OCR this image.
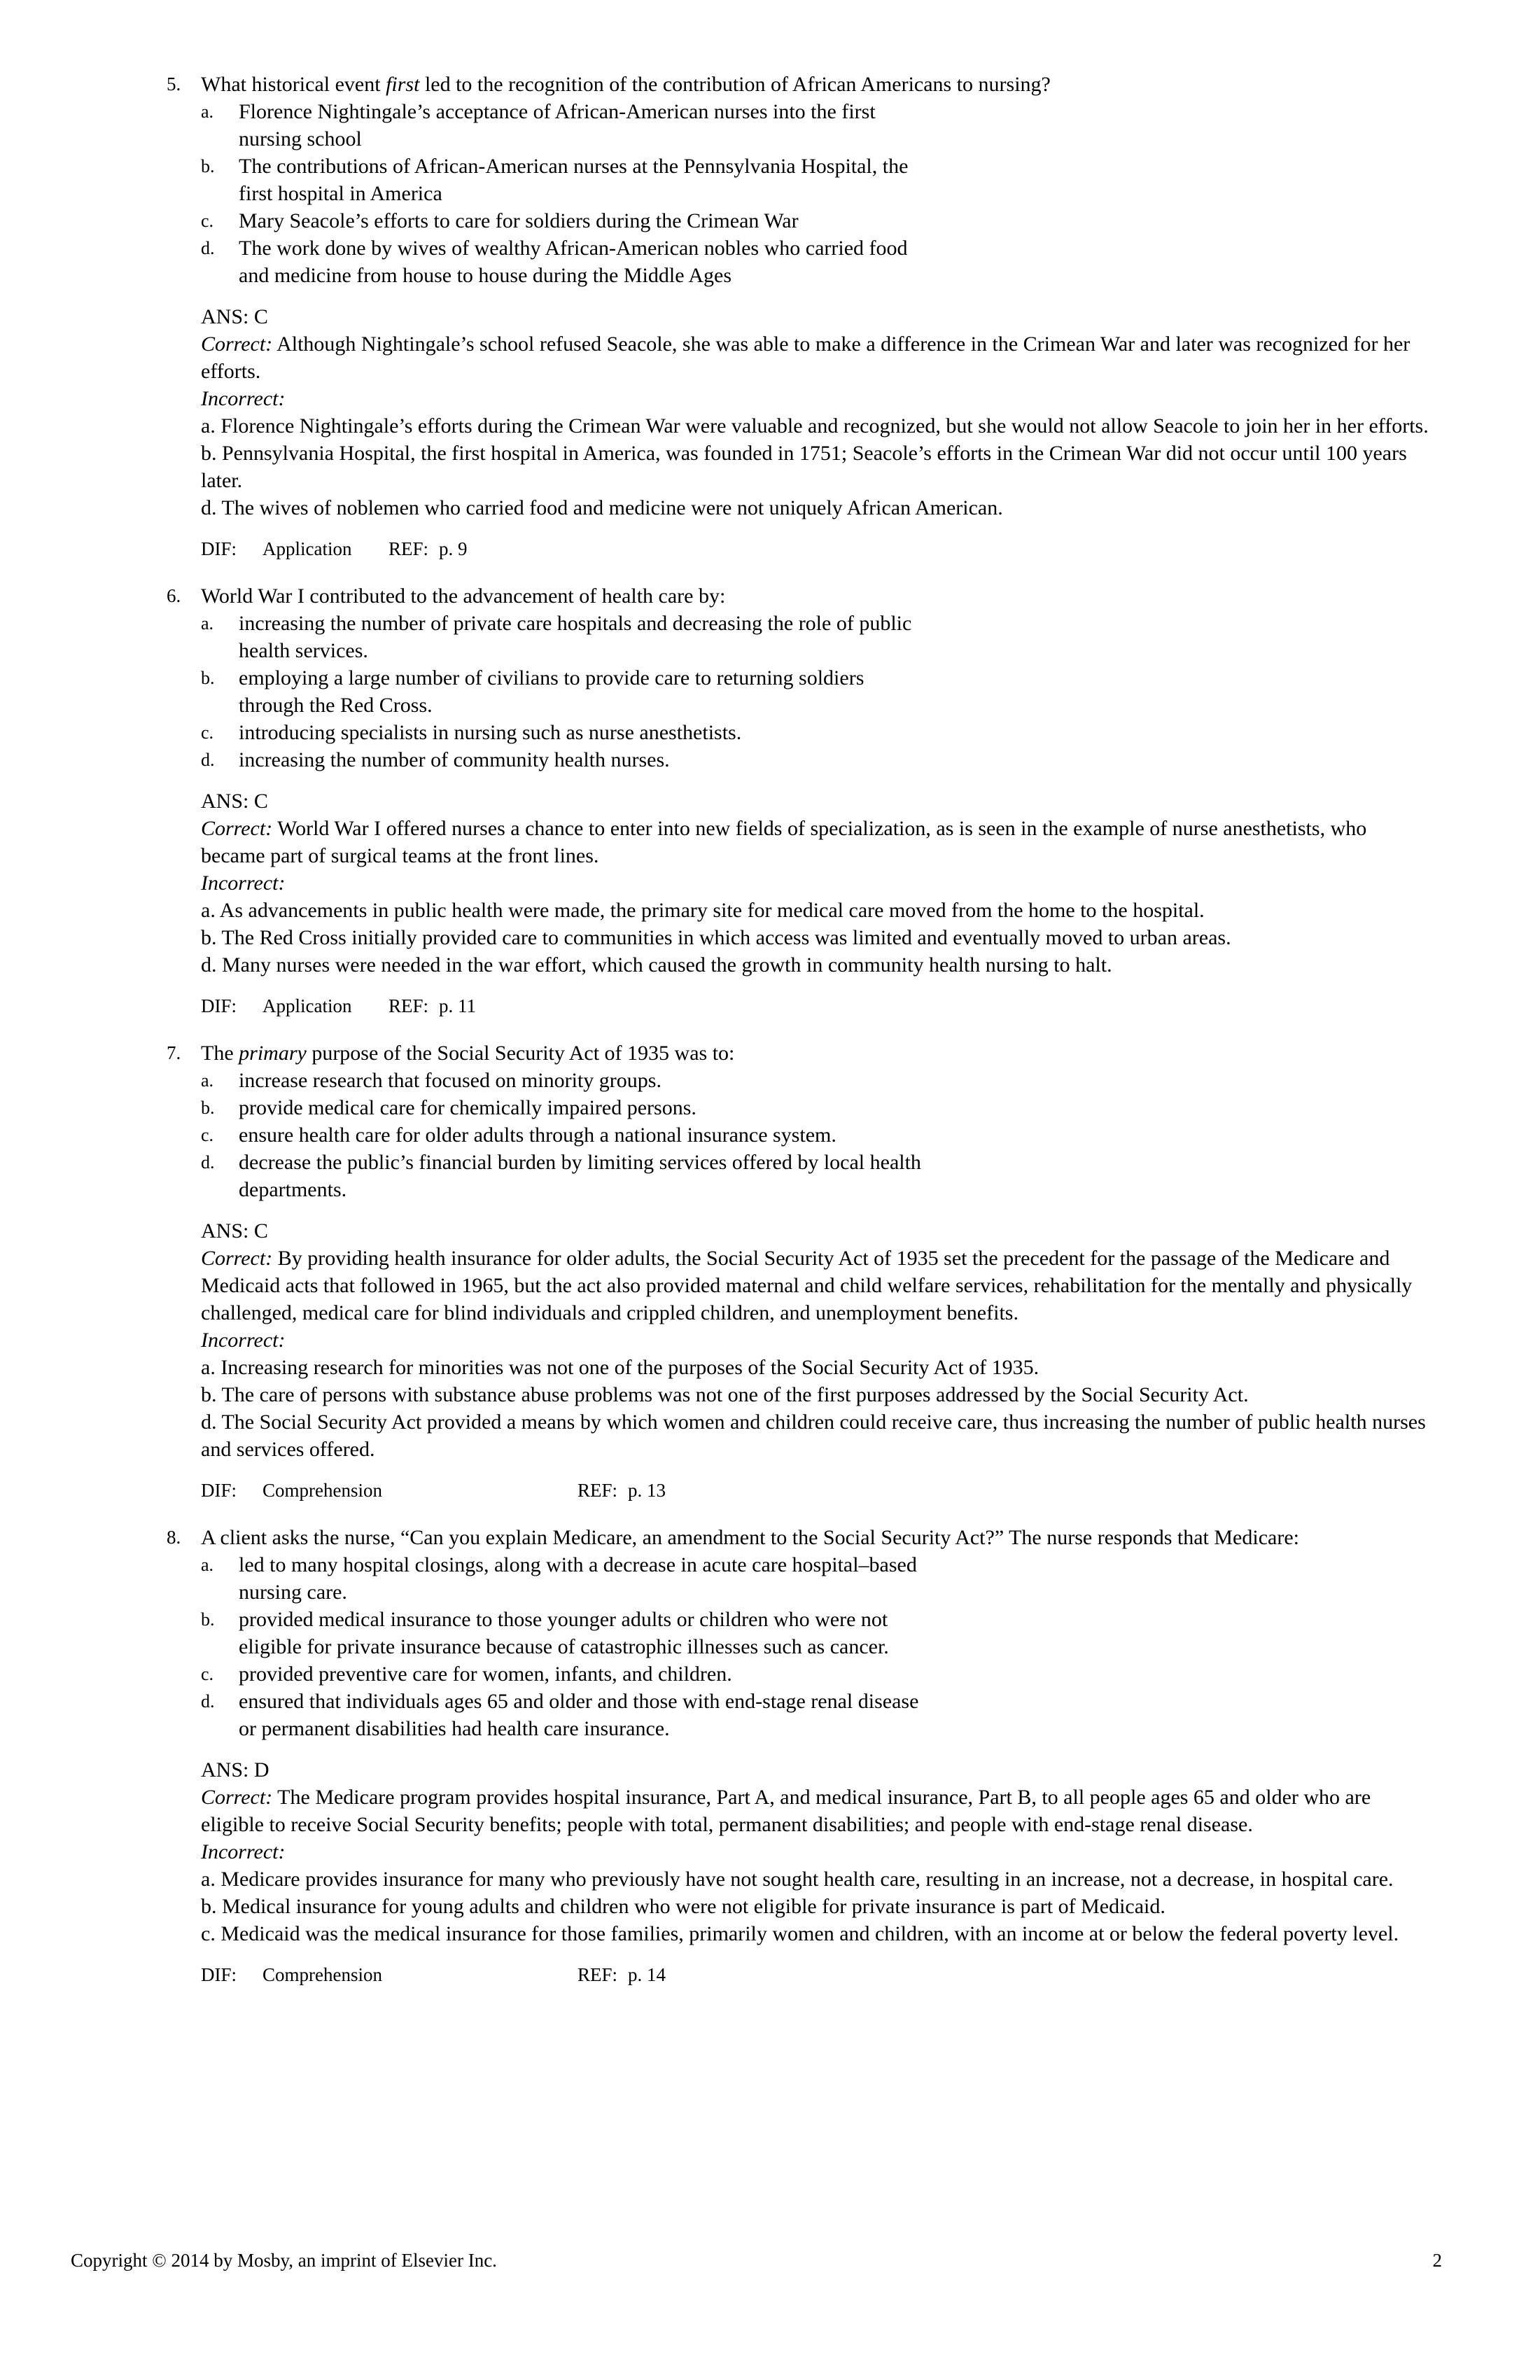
5. What historical event first led to the recognition of the contribution of African Americans to nursing?
a. Florence Nightingale’s acceptance of African-American nurses into the first
nursing school
b. The contributions of African-American nurses at the Pennsylvania Hospital, the
first hospital in America
c. Mary Seacole’s efforts to care for soldiers during the Crimean War
d. The work done by wives of wealthy African-American nobles who carried food
and medicine from house to house during the Middle Ages
ANS: C
Correct: Although Nightingale’s school refused Seacole, she was able to make a difference in the Crimean War and later was recognized for her efforts.
Incorrect:
a. Florence Nightingale’s efforts during the Crimean War were valuable and recognized, but she would not allow Seacole to join her in her efforts.
b. Pennsylvania Hospital, the first hospital in America, was founded in 1751; Seacole’s efforts in the Crimean War did not occur until 100 years later.
d. The wives of noblemen who carried food and medicine were not uniquely African American.
DIF: Application REF: p. 9
6. World War I contributed to the advancement of health care by:
a. increasing the number of private care hospitals and decreasing the role of public
health services.
b. employing a large number of civilians to provide care to returning soldiers
through the Red Cross.
c. introducing specialists in nursing such as nurse anesthetists.
d. increasing the number of community health nurses.
ANS: C
Correct: World War I offered nurses a chance to enter into new fields of specialization, as is seen in the example of nurse anesthetists, who became part of surgical teams at the front lines.
Incorrect:
a. As advancements in public health were made, the primary site for medical care moved from the home to the hospital.
b. The Red Cross initially provided care to communities in which access was limited and eventually moved to urban areas.
d. Many nurses were needed in the war effort, which caused the growth in community health nursing to halt.
DIF: Application REF: p. 11
7. The primary purpose of the Social Security Act of 1935 was to:
a. increase research that focused on minority groups.
b. provide medical care for chemically impaired persons.
c. ensure health care for older adults through a national insurance system.
d. decrease the public’s financial burden by limiting services offered by local health
departments.
ANS: C
Correct: By providing health insurance for older adults, the Social Security Act of 1935 set the precedent for the passage of the Medicare and Medicaid acts that followed in 1965, but the act also provided maternal and child welfare services, rehabilitation for the mentally and physically challenged, medical care for blind individuals and crippled children, and unemployment benefits.
Incorrect:
a. Increasing research for minorities was not one of the purposes of the Social Security Act of 1935.
b. The care of persons with substance abuse problems was not one of the first purposes addressed by the Social Security Act.
d. The Social Security Act provided a means by which women and children could receive care, thus increasing the number of public health nurses and services offered.
DIF: Comprehension	REF: p. 13
8. A client asks the nurse, “Can you explain Medicare, an amendment to the Social Security Act?” The nurse responds that Medicare:
a. led to many hospital closings, along with a decrease in acute care hospital–based
nursing care.
b. provided medical insurance to those younger adults or children who were not
eligible for private insurance because of catastrophic illnesses such as cancer.
c. provided preventive care for women, infants, and children.
d. ensured that individuals ages 65 and older and those with end-stage renal disease
or permanent disabilities had health care insurance.
ANS: D
Correct: The Medicare program provides hospital insurance, Part A, and medical insurance, Part B, to all people ages 65 and older who are eligible to receive Social Security benefits; people with total, permanent disabilities; and people with end-stage renal disease.
Incorrect:
a. Medicare provides insurance for many who previously have not sought health care, resulting in an increase, not a decrease, in hospital care.
b. Medical insurance for young adults and children who were not eligible for private insurance is part of Medicaid.
c. Medicaid was the medical insurance for those families, primarily women and children, with an income at or below the federal poverty level.
DIF: Comprehension	REF: p. 14
Copyright © 2014 by Mosby, an imprint of Elsevier Inc.	2
